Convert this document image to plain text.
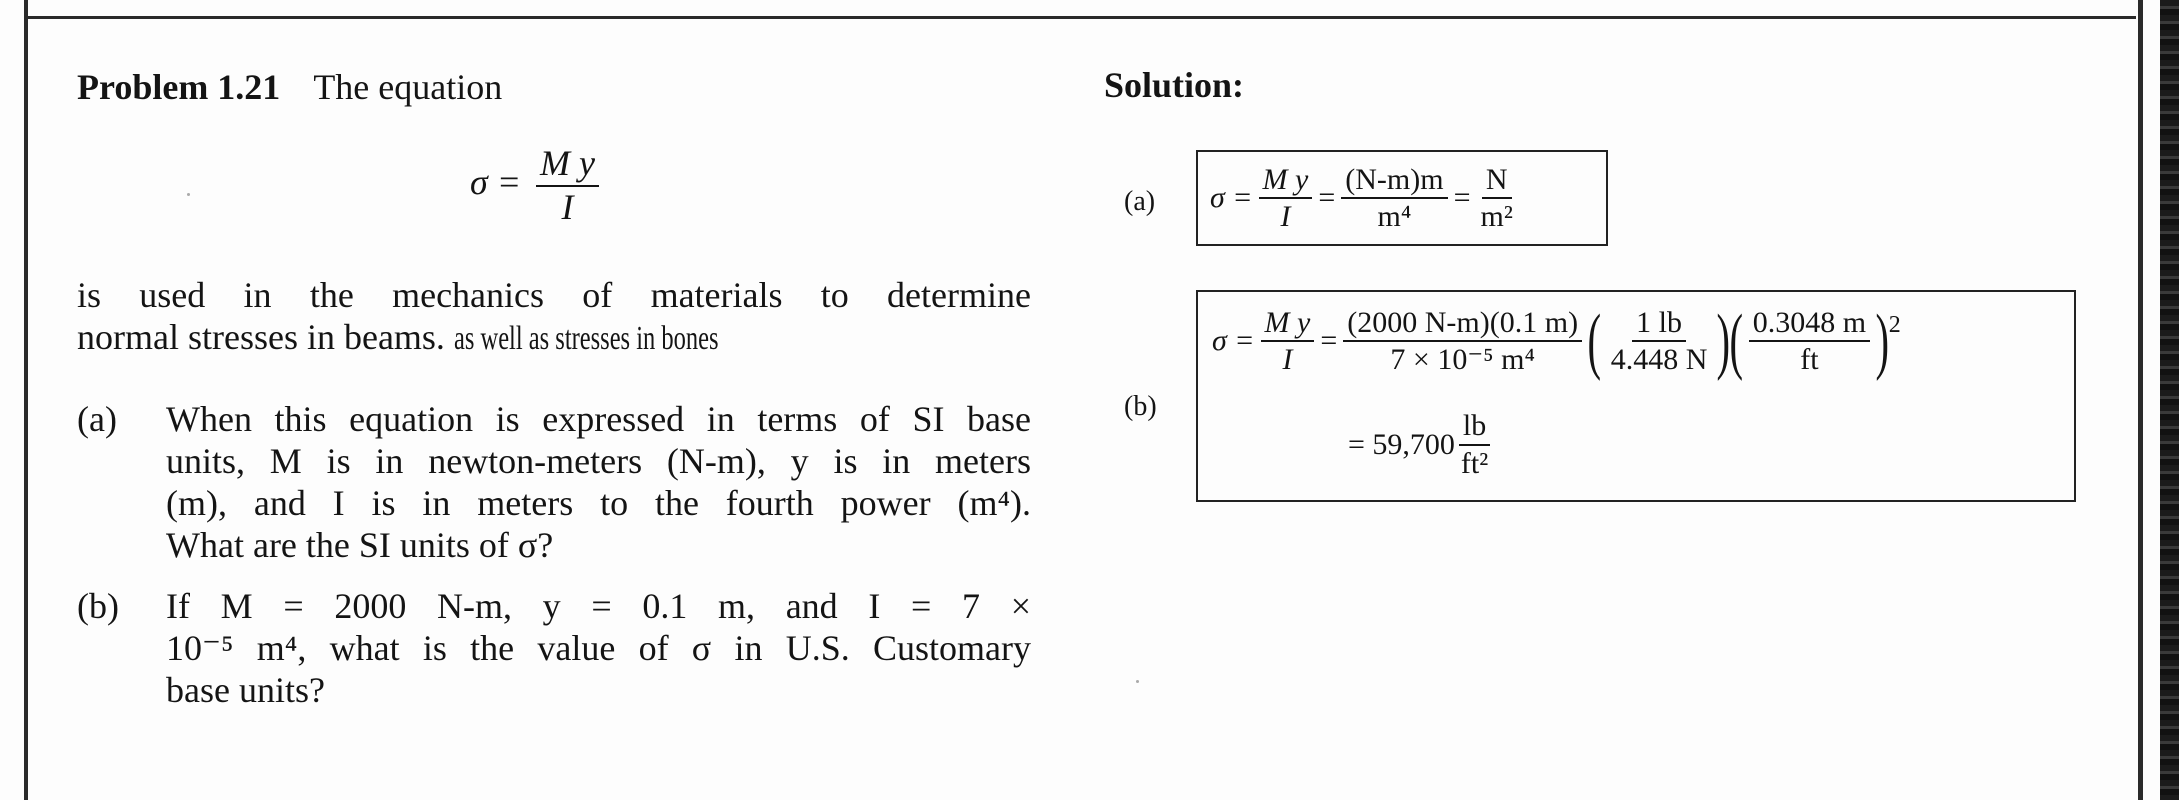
Problem 1.21 The equation
$\sigma = \frac{\text{M y}}{I}$
is used in the mechanics of materials to determine
normal stresses in beams. as well as stresses in bones
(a) When this equation is expressed in terms of SI base
units, M is in newton-meters (N-m), y is in meters
(m), and I is in meters to the fourth power (m⁴).
What are the SI units of σ?
(b) If M = 2000 N-m, y = 0.1 m, and I = 7 ×
10⁻⁵ m⁴, what is the value of σ in U.S. Customary
base units?
Solution:
(a) $\sigma = \frac{\text{M y}}{I} = \frac{(N-m)m}{\text{m⁴}} = \frac{N}{\text{m²}}$
(b)
$\sigma = \frac{\text{M y}}{I} = \frac{(2000 N-m)(0.1 m)}{\text{7 × 10⁻⁵ m⁴}}$ ( $\frac{1 lb}{4.448 N}$ ) ( $\frac{0.3048 m}{ft}$ ) 2
= $59,700 \frac{lb}{\text{ft²}}$
